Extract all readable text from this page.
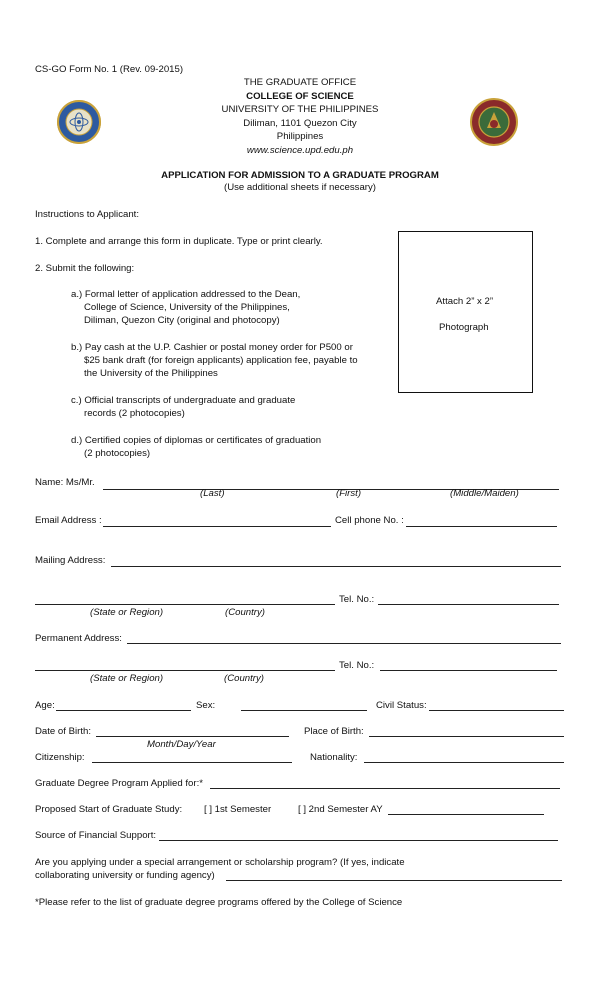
CS-GO Form No. 1 (Rev. 09-2015)
THE GRADUATE OFFICE
COLLEGE OF SCIENCE
UNIVERSITY OF THE PHILIPPINES
Diliman, 1101 Quezon City
Philippines
www.science.upd.edu.ph
APPLICATION FOR ADMISSION TO A GRADUATE PROGRAM
(Use additional sheets if necessary)
Instructions to Applicant:
1. Complete and arrange this form in duplicate. Type or print clearly.
2. Submit the following:
a.) Formal letter of application addressed to the Dean,
College of Science, University of the Philippines,
Diliman, Quezon City (original and photocopy)
b.) Pay cash at the U.P. Cashier or postal money order for P500 or
$25 bank draft (for foreign applicants) application fee, payable to
the University of the Philippines
c.) Official transcripts of undergraduate and graduate
records (2 photocopies)
d.) Certified copies of diplomas or certificates of graduation
(2 photocopies)
Attach 2” x 2”
Photograph
Name: Ms/Mr.
(Last)	(First)	(Middle/Maiden)
Email Address :	Cell phone No. :
Mailing Address:
Tel. No.:
(State or Region)	(Country)
Permanent Address:
Tel. No.:
(State or Region)	(Country)
Age:	Sex:	Civil Status:
Date of Birth:	Place of Birth:
Month/Day/Year
Citizenship:	Nationality:
Graduate Degree Program Applied for:*
Proposed Start of Graduate Study: [ ] 1st Semester	[ ] 2nd Semester AY
Source of Financial Support:
Are you applying under a special arrangement or scholarship program? (If yes, indicate
collaborating university or funding agency)
*Please refer to the list of graduate degree programs offered by the College of Science
